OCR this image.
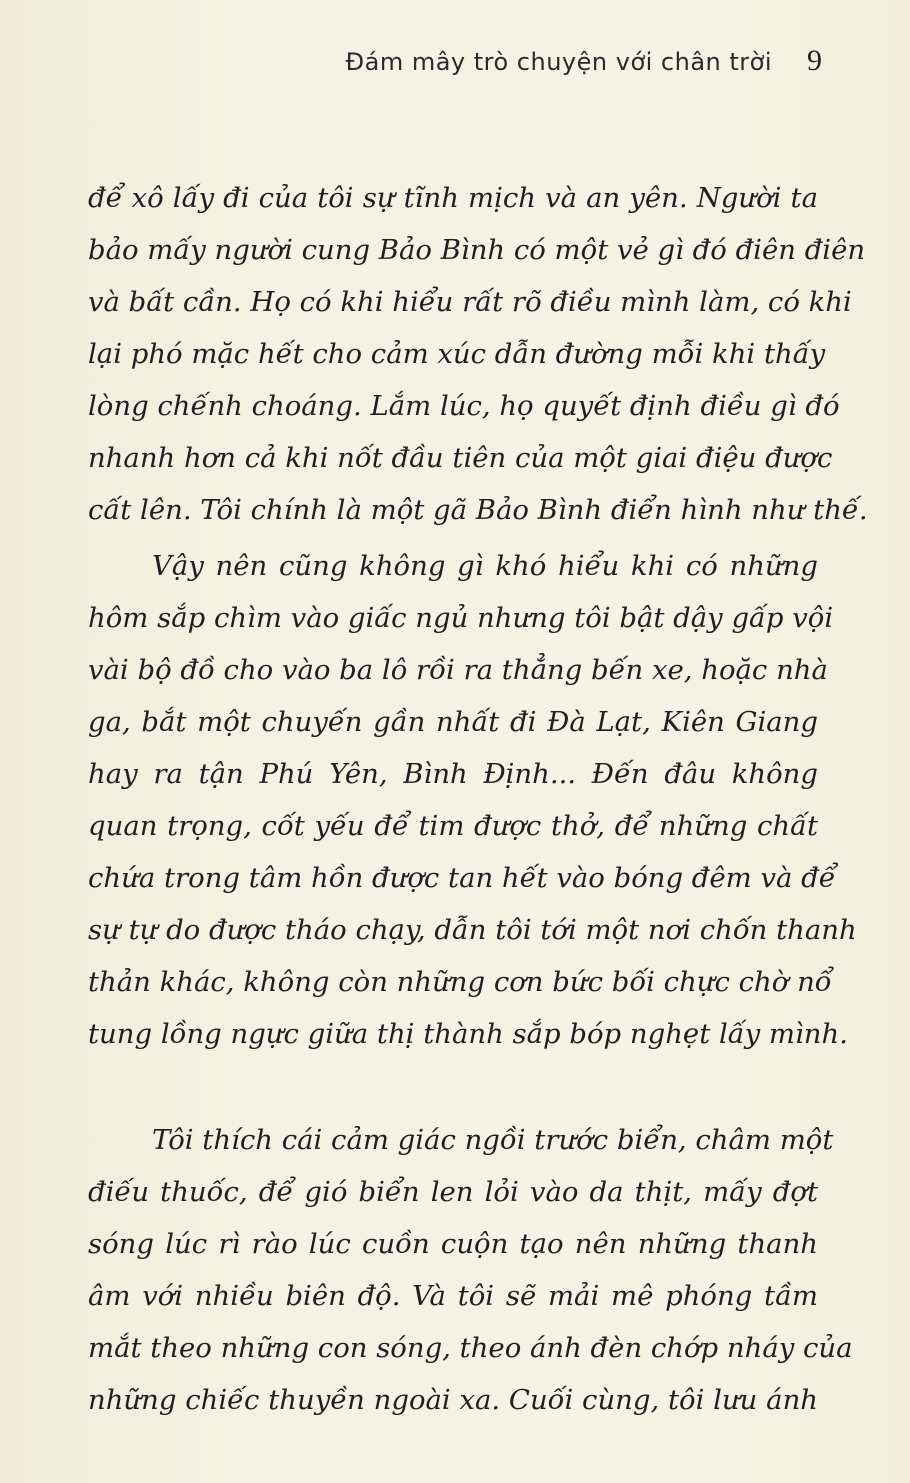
Đám mây trò chuyện với chân trời	9
để xô lấy đi của tôi sự tĩnh mịch và an yên. Người ta
bảo mấy người cung Bảo Bình có một vẻ gì đó điên điên
và bất cần. Họ có khi hiểu rất rõ điều mình làm, có khi
lại phó mặc hết cho cảm xúc dẫn đường mỗi khi thấy
lòng chếnh choáng. Lắm lúc, họ quyết định điều gì đó
nhanh hơn cả khi nốt đầu tiên của một giai điệu được
cất lên. Tôi chính là một gã Bảo Bình điển hình như thế.
Vậy nên cũng không gì khó hiểu khi có những
hôm sắp chìm vào giấc ngủ nhưng tôi bật dậy gấp vội
vài bộ đồ cho vào ba lô rồi ra thẳng bến xe, hoặc nhà
ga, bắt một chuyến gần nhất đi Đà Lạt, Kiên Giang
hay ra tận Phú Yên, Bình Định... Đến đâu không
quan trọng, cốt yếu để tim được thở, để những chất
chứa trong tâm hồn được tan hết vào bóng đêm và để
sự tự do được tháo chạy, dẫn tôi tới một nơi chốn thanh
thản khác, không còn những cơn bức bối chực chờ nổ
tung lồng ngực giữa thị thành sắp bóp nghẹt lấy mình.
Tôi thích cái cảm giác ngồi trước biển, châm một
điếu thuốc, để gió biển len lỏi vào da thịt, mấy đợt
sóng lúc rì rào lúc cuồn cuộn tạo nên những thanh
âm với nhiều biên độ. Và tôi sẽ mải mê phóng tầm
mắt theo những con sóng, theo ánh đèn chớp nháy của
những chiếc thuyền ngoài xa. Cuối cùng, tôi lưu ánh
